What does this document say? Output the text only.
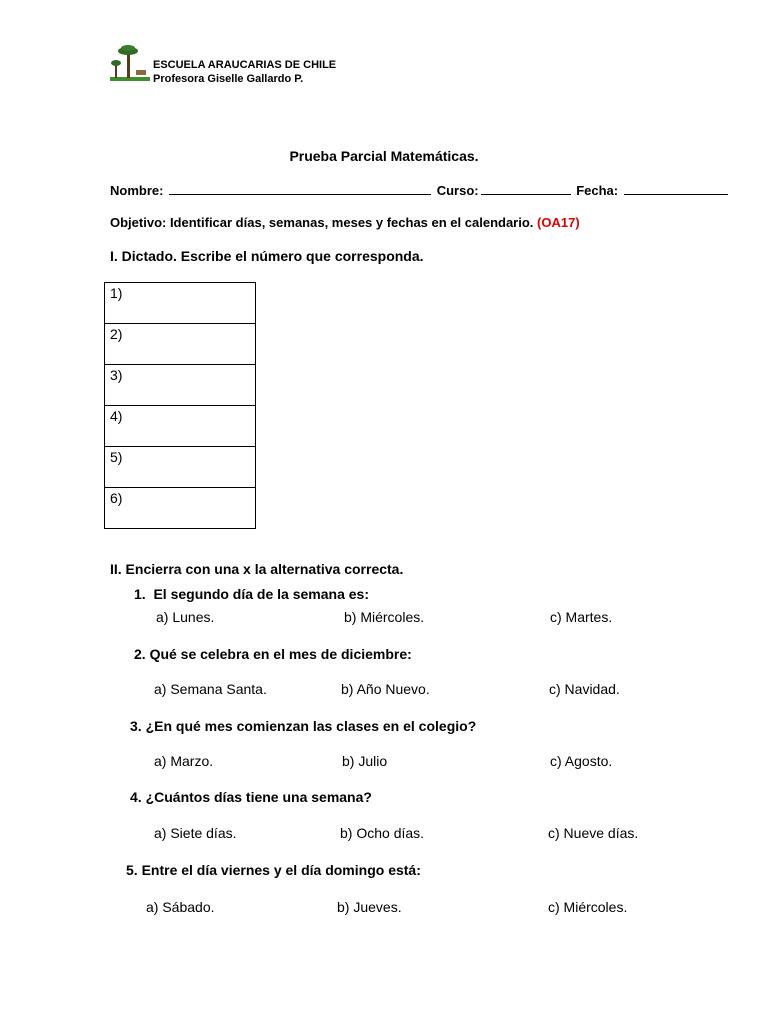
ESCUELA ARAUCARIAS DE CHILE
Profesora Giselle Gallardo P.
Prueba Parcial Matemáticas.
Nombre:	Curso:	Fecha:
Objetivo: Identificar días, semanas, meses y fechas en el calendario. (OA17)
I. Dictado. Escribe el número que corresponda.
1)
2)
3)
4)
5)
6)
II. Encierra con una x la alternativa correcta.
1. El segundo día de la semana es:
a) Lunes.	b) Miércoles.	c) Martes.
2. Qué se celebra en el mes de diciembre:
a) Semana Santa.	b) Año Nuevo.	c) Navidad.
3. ¿En qué mes comienzan las clases en el colegio?
a) Marzo.	b) Julio	c) Agosto.
4. ¿Cuántos días tiene una semana?
a) Siete días.	b) Ocho días.	c) Nueve días.
5. Entre el día viernes y el día domingo está:
a) Sábado.	b) Jueves.	c) Miércoles.
